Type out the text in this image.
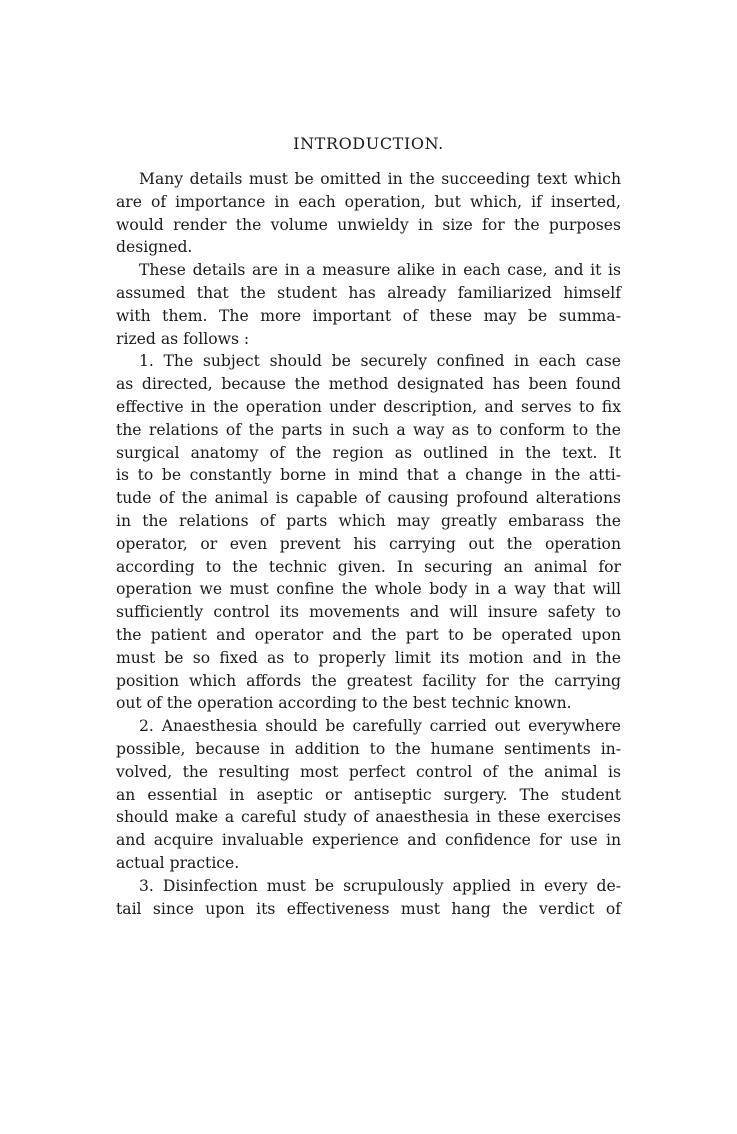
INTRODUCTION.
Many details must be omitted in the succeeding text which
are of importance in each operation, but which, if inserted,
would render the volume unwieldy in size for the purposes
designed.
These details are in a measure alike in each case, and it is
assumed that the student has already familiarized himself
with them. The more important of these may be summa-
rized as follows :
1. The subject should be securely confined in each case
as directed, because the method designated has been found
effective in the operation under description, and serves to fix
the relations of the parts in such a way as to conform to the
surgical anatomy of the region as outlined in the text. It
is to be constantly borne in mind that a change in the atti-
tude of the animal is capable of causing profound alterations
in the relations of parts which may greatly embarass the
operator, or even prevent his carrying out the operation
according to the technic given. In securing an animal for
operation we must confine the whole body in a way that will
sufficiently control its movements and will insure safety to
the patient and operator and the part to be operated upon
must be so fixed as to properly limit its motion and in the
position which affords the greatest facility for the carrying
out of the operation according to the best technic known.
2. Anaesthesia should be carefully carried out everywhere
possible, because in addition to the humane sentiments in-
volved, the resulting most perfect control of the animal is
an essential in aseptic or antiseptic surgery. The student
should make a careful study of anaesthesia in these exercises
and acquire invaluable experience and confidence for use in
actual practice.
3. Disinfection must be scrupulously applied in every de-
tail since upon its effectiveness must hang the verdict of
